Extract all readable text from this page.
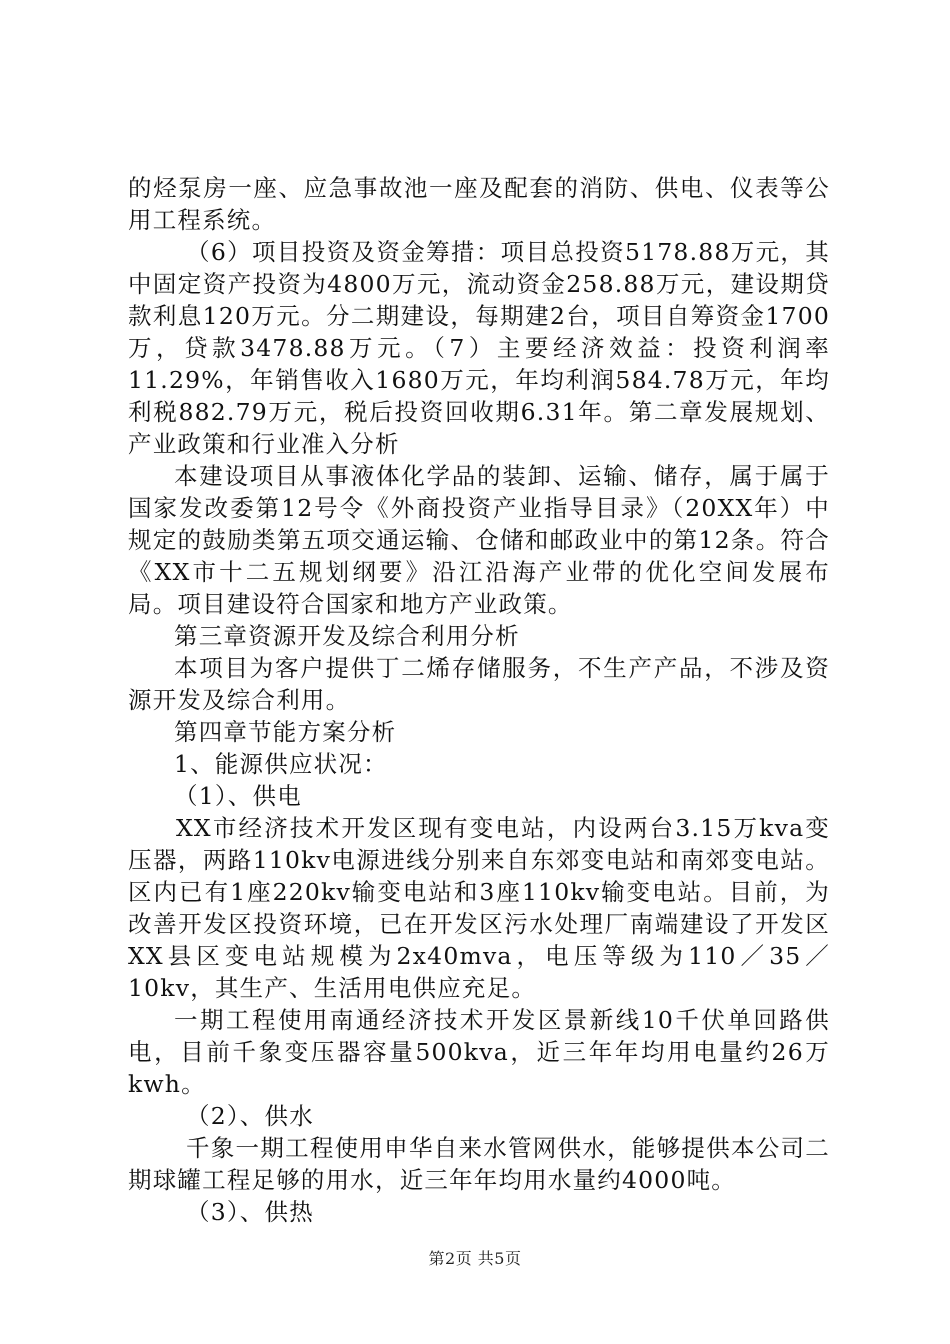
的烃泵房一座、应急事故池一座及配套的消防、供电、仪表等公用工程系统。

（6）项目投资及资金筹措：项目总投资5178.88万元，其中固定资产投资为4800万元，流动资金258.88万元，建设期贷款利息120万元。分二期建设，每期建2台，项目自筹资金1700万，贷款3478.88万元。（7）主要经济效益：投资利润率11.29%，年销售收入1680万元，年均利润584.78万元，年均利税882.79万元，税后投资回收期6.31年。第二章发展规划、产业政策和行业准入分析

本建设项目从事液体化学品的装卸、运输、储存，属于属于国家发改委第12号令《外商投资产业指导目录》（20XX年）中规定的鼓励类第五项交通运输、仓储和邮政业中的第12条。符合《XX市十二五规划纲要》沿江沿海产业带的优化空间发展布局。项目建设符合国家和地方产业政策。

第三章资源开发及综合利用分析

本项目为客户提供丁二烯存储服务，不生产产品，不涉及资源开发及综合利用。

第四章节能方案分析

1、能源供应状况：

（1）、供电

XX市经济技术开发区现有变电站，内设两台3.15万kva变压器，两路110kv电源进线分别来自东郊变电站和南郊变电站。区内已有1座220kv输变电站和3座110kv输变电站。目前，为改善开发区投资环境，已在开发区污水处理厂南端建设了开发区XX县区变电站规模为2x40mva，电压等级为110／35／10kv，其生产、生活用电供应充足。

一期工程使用南通经济技术开发区景新线10千伏单回路供电，目前千象变压器容量500kva，近三年年均用电量约26万kwh。

（2）、供水

千象一期工程使用申华自来水管网供水，能够提供本公司二期球罐工程足够的用水，近三年年均用水量约4000吨。

（3）、供热

第2页 共5页
